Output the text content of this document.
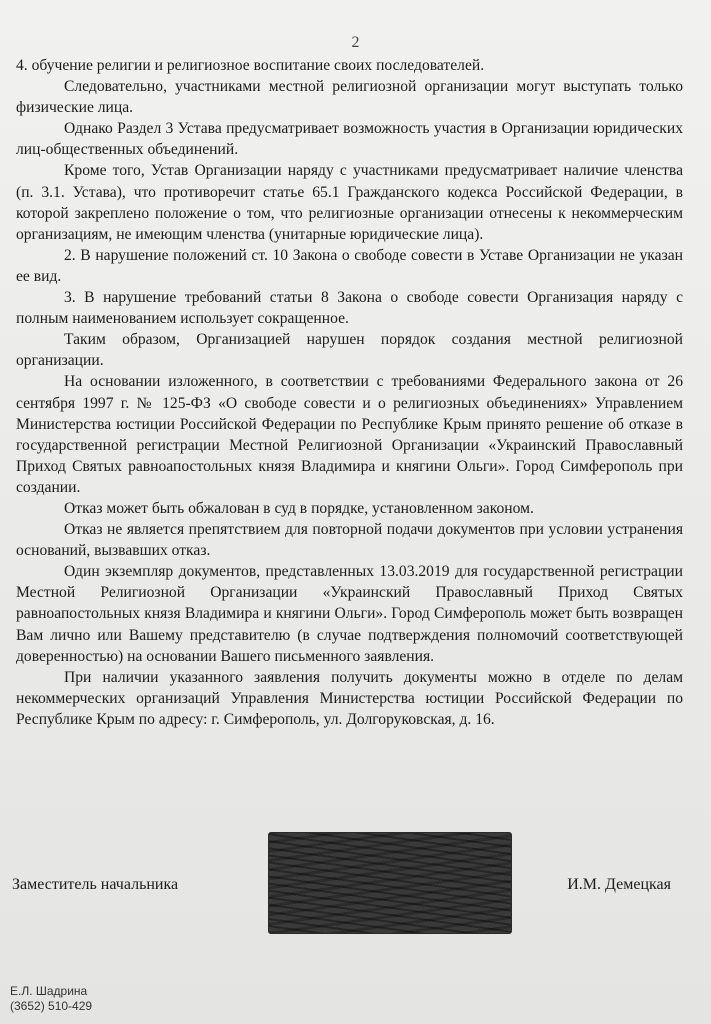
2

4. обучение религии и религиозное воспитание своих последователей.

Следовательно, участниками местной религиозной организации могут выступать только физические лица.

Однако Раздел 3 Устава предусматривает возможность участия в Организации юридических лиц-общественных объединений.

Кроме того, Устав Организации наряду с участниками предусматривает наличие членства (п. 3.1. Устава), что противоречит статье 65.1 Гражданского кодекса Российской Федерации, в которой закреплено положение о том, что религиозные организации отнесены к некоммерческим организациям, не имеющим членства (унитарные юридические лица).

2. В нарушение положений ст. 10 Закона о свободе совести в Уставе Организации не указан ее вид.

3. В нарушение требований статьи 8 Закона о свободе совести Организация наряду с полным наименованием использует сокращенное.

Таким образом, Организацией нарушен порядок создания местной религиозной организации.

На основании изложенного, в соответствии с требованиями Федерального закона от 26 сентября 1997 г. № 125-ФЗ «О свободе совести и о религиозных объединениях» Управлением Министерства юстиции Российской Федерации по Республике Крым принято решение об отказе в государственной регистрации Местной Религиозной Организации «Украинский Православный Приход Святых равноапостольных князя Владимира и княгини Ольги». Город Симферополь при создании.

Отказ может быть обжалован в суд в порядке, установленном законом.

Отказ не является препятствием для повторной подачи документов при условии устранения оснований, вызвавших отказ.

Один экземпляр документов, представленных 13.03.2019 для государственной регистрации Местной Религиозной Организации «Украинский Православный Приход Святых равноапостольных князя Владимира и княгини Ольги». Город Симферополь может быть возвращен Вам лично или Вашему представителю (в случае подтверждения полномочий соответствующей доверенностью) на основании Вашего письменного заявления.

При наличии указанного заявления получить документы можно в отделе по делам некоммерческих организаций Управления Министерства юстиции Российской Федерации по Республике Крым по адресу: г. Симферополь, ул. Долгоруковская, д. 16.

Заместитель начальника	И.М. Демецкая
Е.Л. Шадрина
(3652) 510-429
